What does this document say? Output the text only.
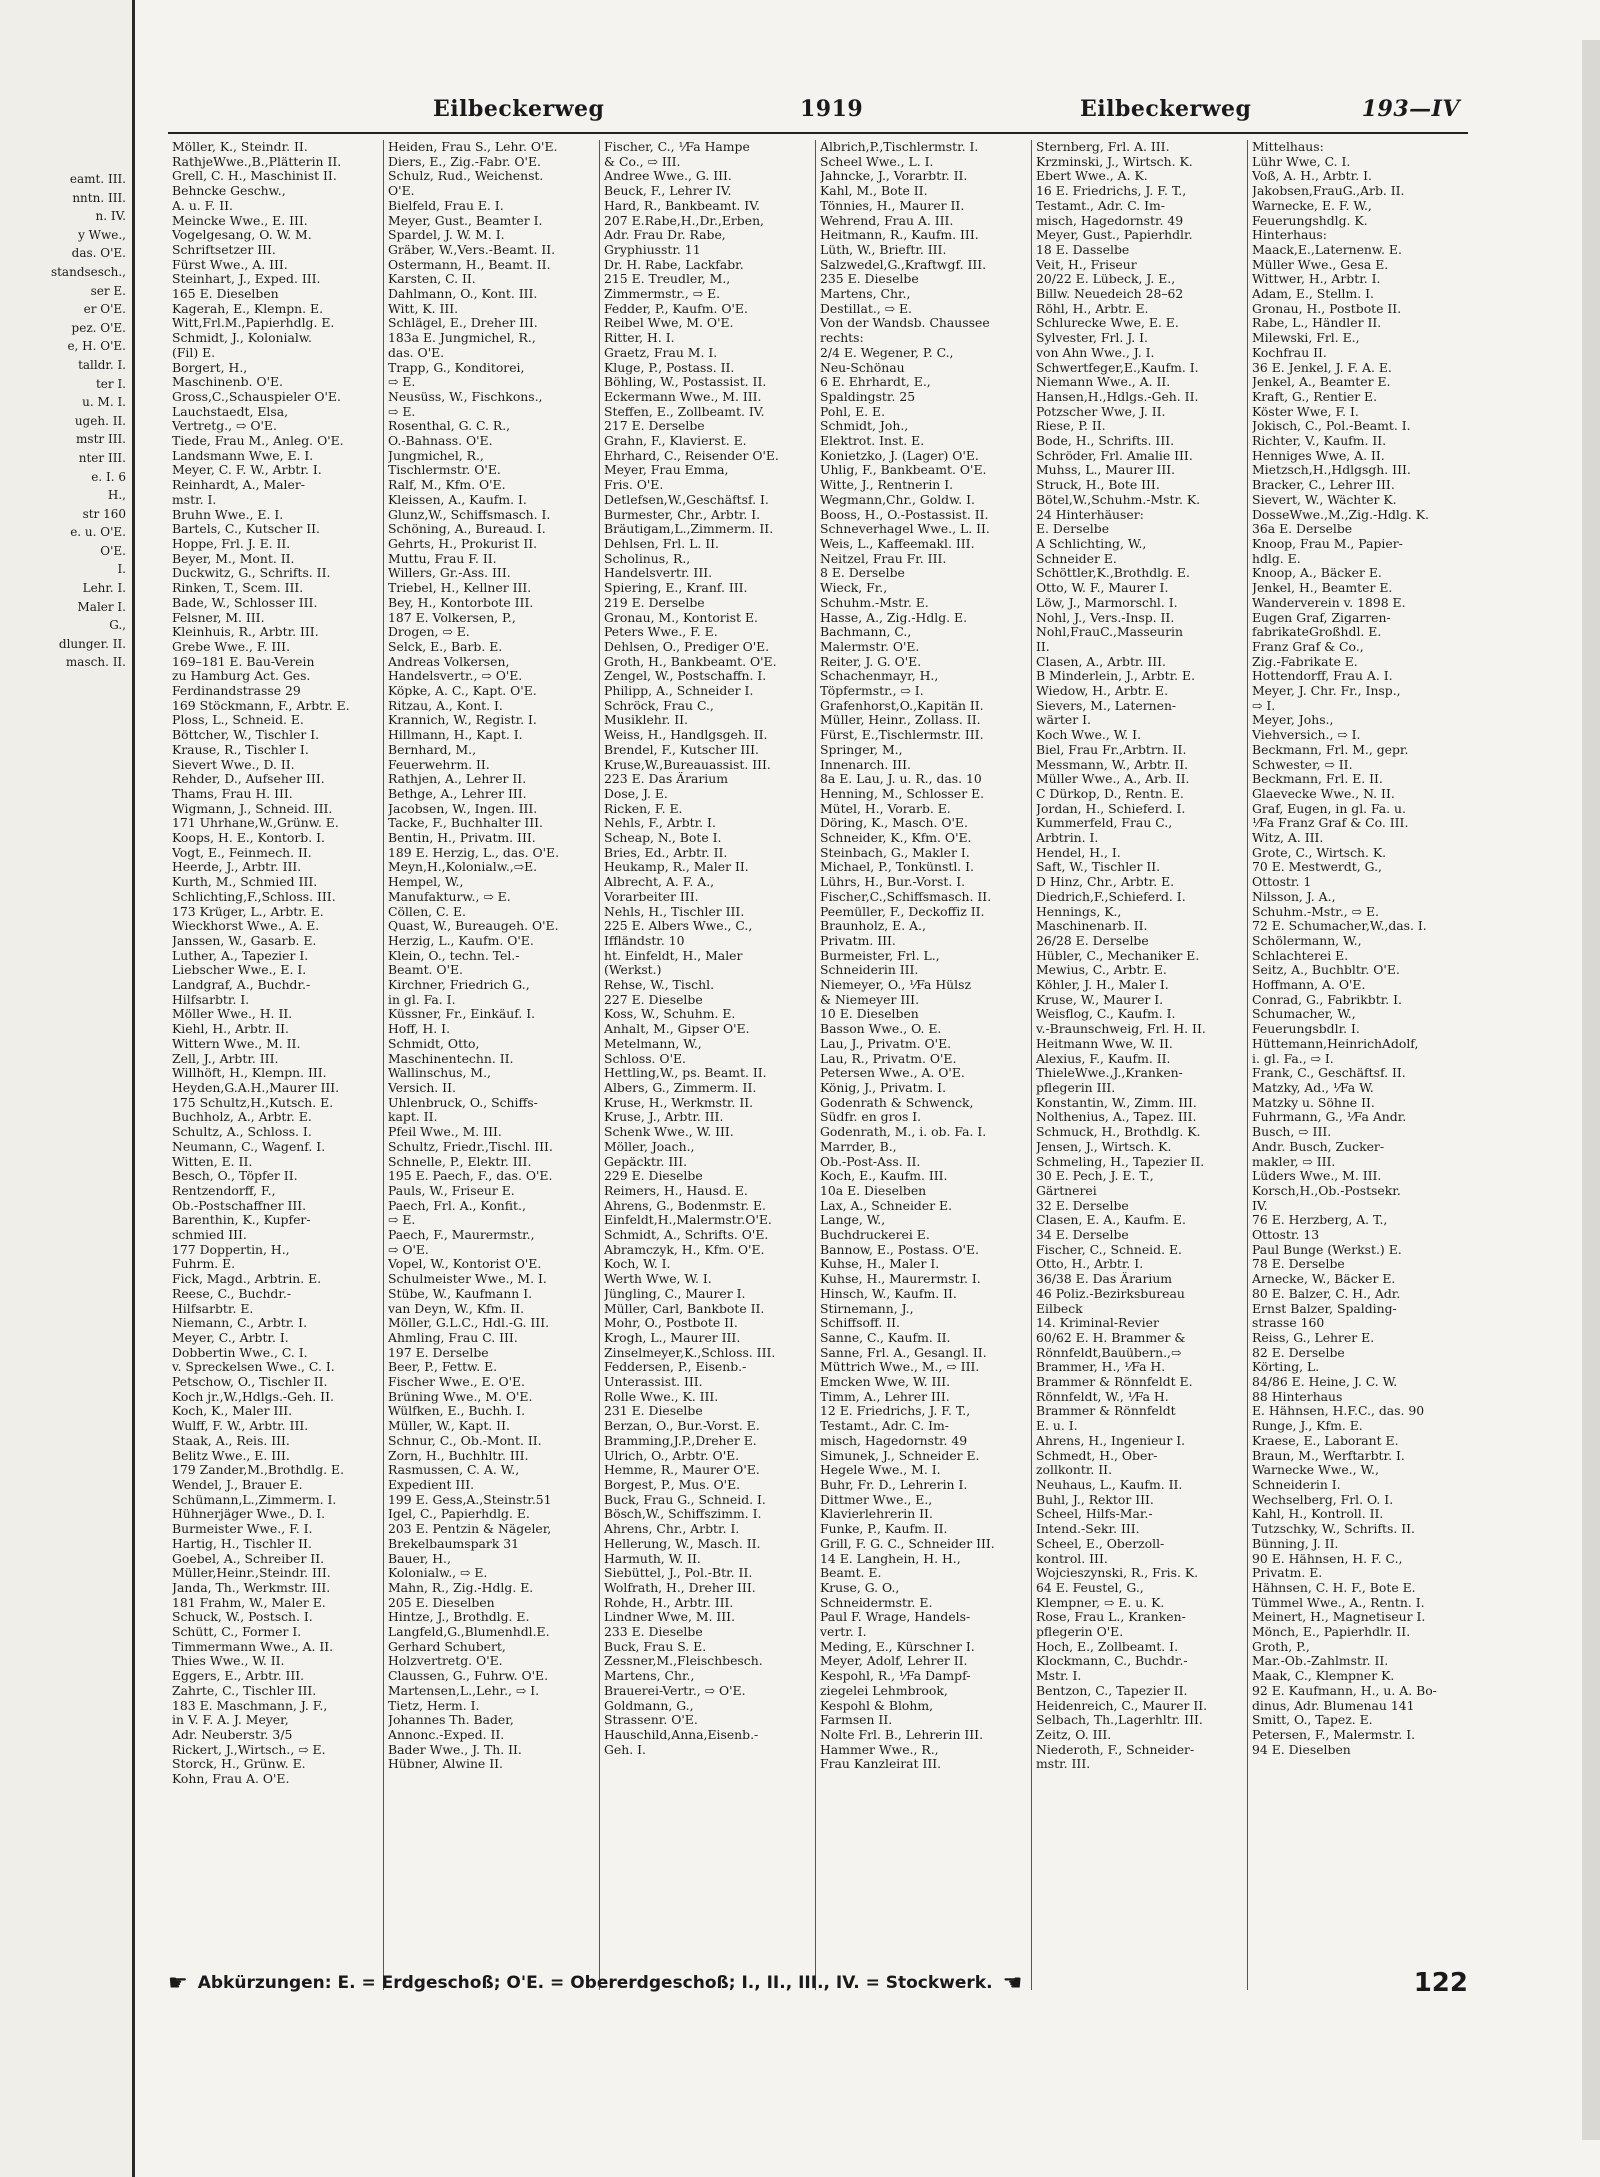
eamt. III.
nntn. III.
n. IV.
y Wwe.,
das. O'E.
standsesch.,
ser E.
er O'E.
pez. O'E.
e, H. O'E.
talldr. I.
ter I.
u. M. I.
ugeh. II.
mstr III.
nter III.
e. I. 6
H.,
str 160
e. u. O'E.
O'E.
I.
Lehr. I.
Maler I.
G.,
dlunger. II.
masch. II.
Eilbeckerweg	1919	Eilbeckerweg	193—IV
Möller, K., Steindr. II.
RathjeWwe.,B.,Plätterin II.
Grell, C. H., Maschinist II.
Behncke Geschw.,
A. u. F. II.
Meincke Wwe., E. III.
Vogelgesang, O. W. M.
Schriftsetzer III.
Fürst Wwe., A. III.
Steinhart, J., Exped. III.
165 E. Dieselben
Kagerah, E., Klempn. E.
Witt,Frl.M.,Papierhdlg. E.
Schmidt, J., Kolonialw.
(Fil) E.
Borgert, H.,
Maschinenb. O'E.
Gross,C.,Schauspieler O'E.
Lauchstaedt, Elsa,
Vertretg., ⇨ O'E.
Tiede, Frau M., Anleg. O'E.
Landsmann Wwe, E. I.
Meyer, C. F. W., Arbtr. I.
Reinhardt, A., Maler-
mstr. I.
Bruhn Wwe., E. I.
Bartels, C., Kutscher II.
Hoppe, Frl. J. E. II.
Beyer, M., Mont. II.
Duckwitz, G., Schrifts. II.
Rinken, T., Scem. III.
Bade, W., Schlosser III.
Felsner, M. III.
Kleinhuis, R., Arbtr. III.
Grebe Wwe., F. III.
169–181 E. Bau-Verein
zu Hamburg Act. Ges.
Ferdinandstrasse 29
169 Stöckmann, F., Arbtr. E.
Ploss, L., Schneid. E.
Böttcher, W., Tischler I.
Krause, R., Tischler I.
Sievert Wwe., D. II.
Rehder, D., Aufseher III.
Thams, Frau H. III.
Wigmann, J., Schneid. III.
171 Uhrhane,W.,Grünw. E.
Koops, H. E., Kontorb. I.
Vogt, E., Feinmech. II.
Heerde, J., Arbtr. III.
Kurth, M., Schmied III.
Schlichting,F.,Schloss. III.
173 Krüger, L., Arbtr. E.
Wieckhorst Wwe., A. E.
Janssen, W., Gasarb. E.
Luther, A., Tapezier I.
Liebscher Wwe., E. I.
Landgraf, A., Buchdr.-
Hilfsarbtr. I.
Möller Wwe., H. II.
Kiehl, H., Arbtr. II.
Wittern Wwe., M. II.
Zell, J., Arbtr. III.
Willhöft, H., Klempn. III.
Heyden,G.A.H.,Maurer III.
175 Schultz,H.,Kutsch. E.
Buchholz, A., Arbtr. E.
Schultz, A., Schloss. I.
Neumann, C., Wagenf. I.
Witten, E. II.
Besch, O., Töpfer II.
Rentzendorff, F.,
Ob.-Postschaffner III.
Barenthin, K., Kupfer-
schmied III.
177 Doppertin, H.,
Fuhrm. E.
Fick, Magd., Arbtrin. E.
Reese, C., Buchdr.-
Hilfsarbtr. E.
Niemann, C., Arbtr. I.
Meyer, C., Arbtr. I.
Dobbertin Wwe., C. I.
v. Spreckelsen Wwe., C. I.
Petschow, O., Tischler II.
Koch jr.,W.,Hdlgs.-Geh. II.
Koch, K., Maler III.
Wulff, F. W., Arbtr. III.
Staak, A., Reis. III.
Belitz Wwe., E. III.
179 Zander,M.,Brothdlg. E.
Wendel, J., Brauer E.
Schümann,L.,Zimmerm. I.
Hühnerjäger Wwe., D. I.
Burmeister Wwe., F. I.
Hartig, H., Tischler II.
Goebel, A., Schreiber II.
Müller,Heinr.,Steindr. III.
Janda, Th., Werkmstr. III.
181 Frahm, W., Maler E.
Schuck, W., Postsch. I.
Schütt, C., Former I.
Timmermann Wwe., A. II.
Thies Wwe., W. II.
Eggers, E., Arbtr. III.
Zahrte, C., Tischler III.
183 E. Maschmann, J. F.,
in V. F. A. J. Meyer,
Adr. Neuberstr. 3/5
Rickert, J.,Wirtsch., ⇨ E.
Storck, H., Grünw. E.
Kohn, Frau A. O'E.
Heiden, Frau S., Lehr. O'E.
Diers, E., Zig.-Fabr. O'E.
Schulz, Rud., Weichenst.
O'E.
Bielfeld, Frau E. I.
Meyer, Gust., Beamter I.
Spardel, J. W. M. I.
Gräber, W.,Vers.-Beamt. II.
Ostermann, H., Beamt. II.
Karsten, C. II.
Dahlmann, O., Kont. III.
Witt, K. III.
Schlägel, E., Dreher III.
183a E. Jungmichel, R.,
das. O'E.
Trapp, G., Konditorei,
⇨ E.
Neusüss, W., Fischkons.,
⇨ E.
Rosenthal, G. C. R.,
O.-Bahnass. O'E.
Jungmichel, R.,
Tischlermstr. O'E.
Ralf, M., Kfm. O'E.
Kleissen, A., Kaufm. I.
Glunz,W., Schiffsmasch. I.
Schöning, A., Bureaud. I.
Gehrts, H., Prokurist II.
Muttu, Frau F. II.
Willers, Gr.-Ass. III.
Triebel, H., Kellner III.
Bey, H., Kontorbote III.
187 E. Volkersen, P.,
Drogen, ⇨ E.
Selck, E., Barb. E.
Andreas Volkersen,
Handelsvertr., ⇨ O'E.
Köpke, A. C., Kapt. O'E.
Ritzau, A., Kont. I.
Krannich, W., Registr. I.
Hillmann, H., Kapt. I.
Bernhard, M.,
Feuerwehrm. II.
Rathjen, A., Lehrer II.
Bethge, A., Lehrer III.
Jacobsen, W., Ingen. III.
Tacke, F., Buchhalter III.
Bentin, H., Privatm. III.
189 E. Herzig, L., das. O'E.
Meyn,H.,Kolonialw.,⇨E.
Hempel, W.,
Manufakturw., ⇨ E.
Cöllen, C. E.
Quast, W., Bureaugeh. O'E.
Herzig, L., Kaufm. O'E.
Klein, O., techn. Tel.-
Beamt. O'E.
Kirchner, Friedrich G.,
in gl. Fa. I.
Küssner, Fr., Einkäuf. I.
Hoff, H. I.
Schmidt, Otto,
Maschinentechn. II.
Wallinschus, M.,
Versich. II.
Uhlenbruck, O., Schiffs-
kapt. II.
Pfeil Wwe., M. III.
Schultz, Friedr.,Tischl. III.
Schnelle, P., Elektr. III.
195 E. Paech, F., das. O'E.
Pauls, W., Friseur E.
Paech, Frl. A., Konfit.,
⇨ E.
Paech, F., Maurermstr.,
⇨ O'E.
Vopel, W., Kontorist O'E.
Schulmeister Wwe., M. I.
Stübe, W., Kaufmann I.
van Deyn, W., Kfm. II.
Möller, G.L.C., Hdl.-G. III.
Ahmling, Frau C. III.
197 E. Derselbe
Beer, P., Fettw. E.
Fischer Wwe., E. O'E.
Brüning Wwe., M. O'E.
Wülfken, E., Buchh. I.
Müller, W., Kapt. II.
Schnur, C., Ob.-Mont. II.
Zorn, H., Buchhltr. III.
Rasmussen, C. A. W.,
Expedient III.
199 E. Gess,A.,Steinstr.51
Igel, C., Papierhdlg. E.
203 E. Pentzin & Nägeler,
Brekelbaumspark 31
Bauer, H.,
Kolonialw., ⇨ E.
Mahn, R., Zig.-Hdlg. E.
205 E. Dieselben
Hintze, J., Brothdlg. E.
Langfeld,G.,Blumenhdl.E.
Gerhard Schubert,
Holzvertretg. O'E.
Claussen, G., Fuhrw. O'E.
Martensen,L.,Lehr., ⇨ I.
Tietz, Herm. I.
Johannes Th. Bader,
Annonc.-Exped. II.
Bader Wwe., J. Th. II.
Hübner, Alwine II.
Fischer, C., ⅟Fa Hampe
& Co., ⇨ III.
Andree Wwe., G. III.
Beuck, F., Lehrer IV.
Hard, R., Bankbeamt. IV.
207 E.Rabe,H.,Dr.,Erben,
Adr. Frau Dr. Rabe,
Gryphiusstr. 11
Dr. H. Rabe, Lackfabr.
215 E. Treudler, M.,
Zimmermstr., ⇨ E.
Fedder, P., Kaufm. O'E.
Reibel Wwe, M. O'E.
Ritter, H. I.
Graetz, Frau M. I.
Kluge, P., Postass. II.
Böhling, W., Postassist. II.
Eckermann Wwe., M. III.
Steffen, E., Zollbeamt. IV.
217 E. Derselbe
Grahn, F., Klavierst. E.
Ehrhard, C., Reisender O'E.
Meyer, Frau Emma,
Fris. O'E.
Detlefsen,W.,Geschäftsf. I.
Burmester, Chr., Arbtr. I.
Bräutigam,L.,Zimmerm. II.
Dehlsen, Frl. L. II.
Scholinus, R.,
Handelsvertr. III.
Spiering, E., Kranf. III.
219 E. Derselbe
Gronau, M., Kontorist E.
Peters Wwe., F. E.
Dehlsen, O., Prediger O'E.
Groth, H., Bankbeamt. O'E.
Zengel, W., Postschaffn. I.
Philipp, A., Schneider I.
Schröck, Frau C.,
Musiklehr. II.
Weiss, H., Handlgsgeh. II.
Brendel, F., Kutscher III.
Kruse,W.,Bureauassist. III.
223 E. Das Ärarium
Dose, J. E.
Ricken, F. E.
Nehls, F., Arbtr. I.
Scheap, N., Bote I.
Bries, Ed., Arbtr. II.
Heukamp, R., Maler II.
Albrecht, A. F. A.,
Vorarbeiter III.
Nehls, H., Tischler III.
225 E. Albers Wwe., C.,
Iffländstr. 10
ht. Einfeldt, H., Maler
(Werkst.)
Rehse, W., Tischl.
227 E. Dieselbe
Koss, W., Schuhm. E.
Anhalt, M., Gipser O'E.
Metelmann, W.,
Schloss. O'E.
Hettling,W., ps. Beamt. II.
Albers, G., Zimmerm. II.
Kruse, H., Werkmstr. II.
Kruse, J., Arbtr. III.
Schenk Wwe., W. III.
Möller, Joach.,
Gepäcktr. III.
229 E. Dieselbe
Reimers, H., Hausd. E.
Ahrens, G., Bodenmstr. E.
Einfeldt,H.,Malermstr.O'E.
Schmidt, A., Schrifts. O'E.
Abramczyk, H., Kfm. O'E.
Koch, W. I.
Werth Wwe, W. I.
Jüngling, C., Maurer I.
Müller, Carl, Bankbote II.
Mohr, O., Postbote II.
Krogh, L., Maurer III.
Zinselmeyer,K.,Schloss. III.
Feddersen, P., Eisenb.-
Unterassist. III.
Rolle Wwe., K. III.
231 E. Dieselbe
Berzan, O., Bur.-Vorst. E.
Bramming,J.P.,Dreher E.
Ulrich, O., Arbtr. O'E.
Hemme, R., Maurer O'E.
Borgest, P., Mus. O'E.
Buck, Frau G., Schneid. I.
Bösch,W., Schiffszimm. I.
Ahrens, Chr., Arbtr. I.
Hellerung, W., Masch. II.
Harmuth, W. II.
Siebüttel, J., Pol.-Btr. II.
Wolfrath, H., Dreher III.
Rohde, H., Arbtr. III.
Lindner Wwe, M. III.
233 E. Dieselbe
Buck, Frau S. E.
Zessner,M.,Fleischbesch.
Martens, Chr.,
Brauerei-Vertr., ⇨ O'E.
Goldmann, G.,
Strassenr. O'E.
Hauschild,Anna,Eisenb.-
Geh. I.
Albrich,P.,Tischlermstr. I.
Scheel Wwe., L. I.
Jahncke, J., Vorarbtr. II.
Kahl, M., Bote II.
Tönnies, H., Maurer II.
Wehrend, Frau A. III.
Heitmann, R., Kaufm. III.
Lüth, W., Brieftr. III.
Salzwedel,G.,Kraftwgf. III.
235 E. Dieselbe
Martens, Chr.,
Destillat., ⇨ E.
Von der Wandsb. Chaussee
rechts:
2/4 E. Wegener, P. C.,
Neu-Schönau
6 E. Ehrhardt, E.,
Spaldingstr. 25
Pohl, E. E.
Schmidt, Joh.,
Elektrot. Inst. E.
Konietzko, J. (Lager) O'E.
Uhlig, F., Bankbeamt. O'E.
Witte, J., Rentnerin I.
Wegmann,Chr., Goldw. I.
Booss, H., O.-Postassist. II.
Schneverhagel Wwe., L. II.
Weis, L., Kaffeemakl. III.
Neitzel, Frau Fr. III.
8 E. Derselbe
Wieck, Fr.,
Schuhm.-Mstr. E.
Hasse, A., Zig.-Hdlg. E.
Bachmann, C.,
Malermstr. O'E.
Reiter, J. G. O'E.
Schachenmayr, H.,
Töpfermstr., ⇨ I.
Grafenhorst,O.,Kapitän II.
Müller, Heinr., Zollass. II.
Fürst, E.,Tischlermstr. III.
Springer, M.,
Innenarch. III.
8a E. Lau, J. u. R., das. 10
Henning, M., Schlosser E.
Mütel, H., Vorarb. E.
Döring, K., Masch. O'E.
Schneider, K., Kfm. O'E.
Steinbach, G., Makler I.
Michael, P., Tonkünstl. I.
Lührs, H., Bur.-Vorst. I.
Fischer,C.,Schiffsmasch. II.
Peemüller, F., Deckoffiz II.
Braunholz, E. A.,
Privatm. III.
Burmeister, Frl. L.,
Schneiderin III.
Niemeyer, O., ⅟Fa Hülsz
& Niemeyer III.
10 E. Dieselben
Basson Wwe., O. E.
Lau, J., Privatm. O'E.
Lau, R., Privatm. O'E.
Petersen Wwe., A. O'E.
König, J., Privatm. I.
Godenrath & Schwenck,
Südfr. en gros I.
Godenrath, M., i. ob. Fa. I.
Marrder, B.,
Ob.-Post-Ass. II.
Koch, E., Kaufm. III.
10a E. Dieselben
Lax, A., Schneider E.
Lange, W.,
Buchdruckerei E.
Bannow, E., Postass. O'E.
Kuhse, H., Maler I.
Kuhse, H., Maurermstr. I.
Hinsch, W., Kaufm. II.
Stirnemann, J.,
Schiffsoff. II.
Sanne, C., Kaufm. II.
Sanne, Frl. A., Gesangl. II.
Müttrich Wwe., M., ⇨ III.
Emcken Wwe, W. III.
Timm, A., Lehrer III.
12 E. Friedrichs, J. F. T.,
Testamt., Adr. C. Im-
misch, Hagedornstr. 49
Simunek, J., Schneider E.
Hegele Wwe., M. I.
Buhr, Fr. D., Lehrerin I.
Dittmer Wwe., E.,
Klavierlehrerin II.
Funke, P., Kaufm. II.
Grill, F. G. C., Schneider III.
14 E. Langhein, H. H.,
Beamt. E.
Kruse, G. O.,
Schneidermstr. E.
Paul F. Wrage, Handels-
vertr. I.
Meding, E., Kürschner I.
Meyer, Adolf, Lehrer II.
Kespohl, R., ⅟Fa Dampf-
ziegelei Lehmbrook,
Kespohl & Blohm,
Farmsen II.
Nolte Frl. B., Lehrerin III.
Hammer Wwe., R.,
Frau Kanzleirat III.
Sternberg, Frl. A. III.
Krzminski, J., Wirtsch. K.
Ebert Wwe., A. K.
16 E. Friedrichs, J. F. T.,
Testamt., Adr. C. Im-
misch, Hagedornstr. 49
Meyer, Gust., Papierhdlr.
18 E. Dasselbe
Veit, H., Friseur
20/22 E. Lübeck, J. E.,
Billw. Neuedeich 28–62
Röhl, H., Arbtr. E.
Schlurecke Wwe, E. E.
Sylvester, Frl. J. I.
von Ahn Wwe., J. I.
Schwertfeger,E.,Kaufm. I.
Niemann Wwe., A. II.
Hansen,H.,Hdlgs.-Geh. II.
Potzscher Wwe, J. II.
Riese, P. II.
Bode, H., Schrifts. III.
Schröder, Frl. Amalie III.
Muhss, L., Maurer III.
Struck, H., Bote III.
Bötel,W.,Schuhm.-Mstr. K.
24 Hinterhäuser:
E. Derselbe
A Schlichting, W.,
Schneider E.
Schöttler,K.,Brothdlg. E.
Otto, W. F., Maurer I.
Löw, J., Marmorschl. I.
Nohl, J., Vers.-Insp. II.
Nohl,FrauC.,Masseurin
II.
Clasen, A., Arbtr. III.
B Minderlein, J., Arbtr. E.
Wiedow, H., Arbtr. E.
Sievers, M., Laternen-
wärter I.
Koch Wwe., W. I.
Biel, Frau Fr.,Arbtrn. II.
Messmann, W., Arbtr. II.
Müller Wwe., A., Arb. II.
C Dürkop, D., Rentn. E.
Jordan, H., Schieferd. I.
Kummerfeld, Frau C.,
Arbtrin. I.
Hendel, H., I.
Saft, W., Tischler II.
D Hinz, Chr., Arbtr. E.
Diedrich,F.,Schieferd. I.
Hennings, K.,
Maschinenarb. II.
26/28 E. Derselbe
Hübler, C., Mechaniker E.
Mewius, C., Arbtr. E.
Köhler, J. H., Maler I.
Kruse, W., Maurer I.
Weisflog, C., Kaufm. I.
v.-Braunschweig, Frl. H. II.
Heitmann Wwe, W. II.
Alexius, F., Kaufm. II.
ThieleWwe.,J.,Kranken-
pflegerin III.
Konstantin, W., Zimm. III.
Nolthenius, A., Tapez. III.
Schmuck, H., Brothdlg. K.
Jensen, J., Wirtsch. K.
Schmeling, H., Tapezier II.
30 E. Pech, J. E. T.,
Gärtnerei
32 E. Derselbe
Clasen, E. A., Kaufm. E.
34 E. Derselbe
Fischer, C., Schneid. E.
Otto, H., Arbtr. I.
36/38 E. Das Ärarium
46 Poliz.-Bezirksbureau
Eilbeck
14. Kriminal-Revier
60/62 E. H. Brammer &
Rönnfeldt,Bauübern.,⇨
Brammer, H., ⅟Fa H.
Brammer & Rönnfeldt E.
Rönnfeldt, W., ⅟Fa H.
Brammer & Rönnfeldt
E. u. I.
Ahrens, H., Ingenieur I.
Schmedt, H., Ober-
zollkontr. II.
Neuhaus, L., Kaufm. II.
Buhl, J., Rektor III.
Scheel, Hilfs-Mar.-
Intend.-Sekr. III.
Scheel, E., Oberzoll-
kontrol. III.
Wojcieszynski, R., Fris. K.
64 E. Feustel, G.,
Klempner, ⇨ E. u. K.
Rose, Frau L., Kranken-
pflegerin O'E.
Hoch, E., Zollbeamt. I.
Klockmann, C., Buchdr.-
Mstr. I.
Bentzon, C., Tapezier II.
Heidenreich, C., Maurer II.
Selbach, Th.,Lagerhltr. III.
Zeitz, O. III.
Niederoth, F., Schneider-
mstr. III.
Mittelhaus:
Lühr Wwe, C. I.
Voß, A. H., Arbtr. I.
Jakobsen,FrauG.,Arb. II.
Warnecke, E. F. W.,
Feuerungshdlg. K.
Hinterhaus:
Maack,E.,Laternenw. E.
Müller Wwe., Gesa E.
Wittwer, H., Arbtr. I.
Adam, E., Stellm. I.
Gronau, H., Postbote II.
Rabe, L., Händler II.
Milewski, Frl. E.,
Kochfrau II.
36 E. Jenkel, J. F. A. E.
Jenkel, A., Beamter E.
Kraft, G., Rentier E.
Köster Wwe, F. I.
Jokisch, C., Pol.-Beamt. I.
Richter, V., Kaufm. II.
Henniges Wwe, A. II.
Mietzsch,H.,Hdlgsgh. III.
Bracker, C., Lehrer III.
Sievert, W., Wächter K.
DosseWwe.,M.,Zig.-Hdlg. K.
36a E. Derselbe
Knoop, Frau M., Papier-
hdlg. E.
Knoop, A., Bäcker E.
Jenkel, H., Beamter E.
Wanderverein v. 1898 E.
Eugen Graf, Zigarren-
fabrikateGroßhdl. E.
Franz Graf & Co.,
Zig.-Fabrikate E.
Hottendorff, Frau A. I.
Meyer, J. Chr. Fr., Insp.,
⇨ I.
Meyer, Johs.,
Viehversich., ⇨ I.
Beckmann, Frl. M., gepr.
Schwester, ⇨ II.
Beckmann, Frl. E. II.
Glaevecke Wwe., N. II.
Graf, Eugen, in gl. Fa. u.
⅟Fa Franz Graf & Co. III.
Witz, A. III.
Grote, C., Wirtsch. K.
70 E. Mestwerdt, G.,
Ottostr. 1
Nilsson, J. A.,
Schuhm.-Mstr., ⇨ E.
72 E. Schumacher,W.,das. I.
Schölermann, W.,
Schlachterei E.
Seitz, A., Buchbltr. O'E.
Hoffmann, A. O'E.
Conrad, G., Fabrikbtr. I.
Schumacher, W.,
Feuerungsbdlr. I.
Hüttemann,HeinrichAdolf,
i. gl. Fa., ⇨ I.
Frank, C., Geschäftsf. II.
Matzky, Ad., ⅟Fa W.
Matzky u. Söhne II.
Fuhrmann, G., ⅟Fa Andr.
Busch, ⇨ III.
Andr. Busch, Zucker-
makler, ⇨ III.
Lüders Wwe., M. III.
Korsch,H.,Ob.-Postsekr.
IV.
76 E. Herzberg, A. T.,
Ottostr. 13
Paul Bunge (Werkst.) E.
78 E. Derselbe
Arnecke, W., Bäcker E.
80 E. Balzer, C. H., Adr.
Ernst Balzer, Spalding-
strasse 160
Reiss, G., Lehrer E.
82 E. Derselbe
Körting, L.
84/86 E. Heine, J. C. W.
88 Hinterhaus
E. Hähnsen, H.F.C., das. 90
Runge, J., Kfm. E.
Kraese, E., Laborant E.
Braun, M., Werftarbtr. I.
Warnecke Wwe., W.,
Schneiderin I.
Wechselberg, Frl. O. I.
Kahl, H., Kontroll. II.
Tutzschky, W., Schrifts. II.
Bünning, J. II.
90 E. Hähnsen, H. F. C.,
Privatm. E.
Hähnsen, C. H. F., Bote E.
Tümmel Wwe., A., Rentn. I.
Meinert, H., Magnetiseur I.
Mönch, E., Papierhdlr. II.
Groth, P.,
Mar.-Ob.-Zahlmstr. II.
Maak, C., Klempner K.
92 E. Kaufmann, H., u. A. Bo-
dinus, Adr. Blumenau 141
Smitt, O., Tapez. E.
Petersen, F., Malermstr. I.
94 E. Dieselben
☛ Abkürzungen: E. = Erdgeschoß; O'E. = Obererdgeschoß; I., II., III., IV. = Stockwerk. ☚	122
